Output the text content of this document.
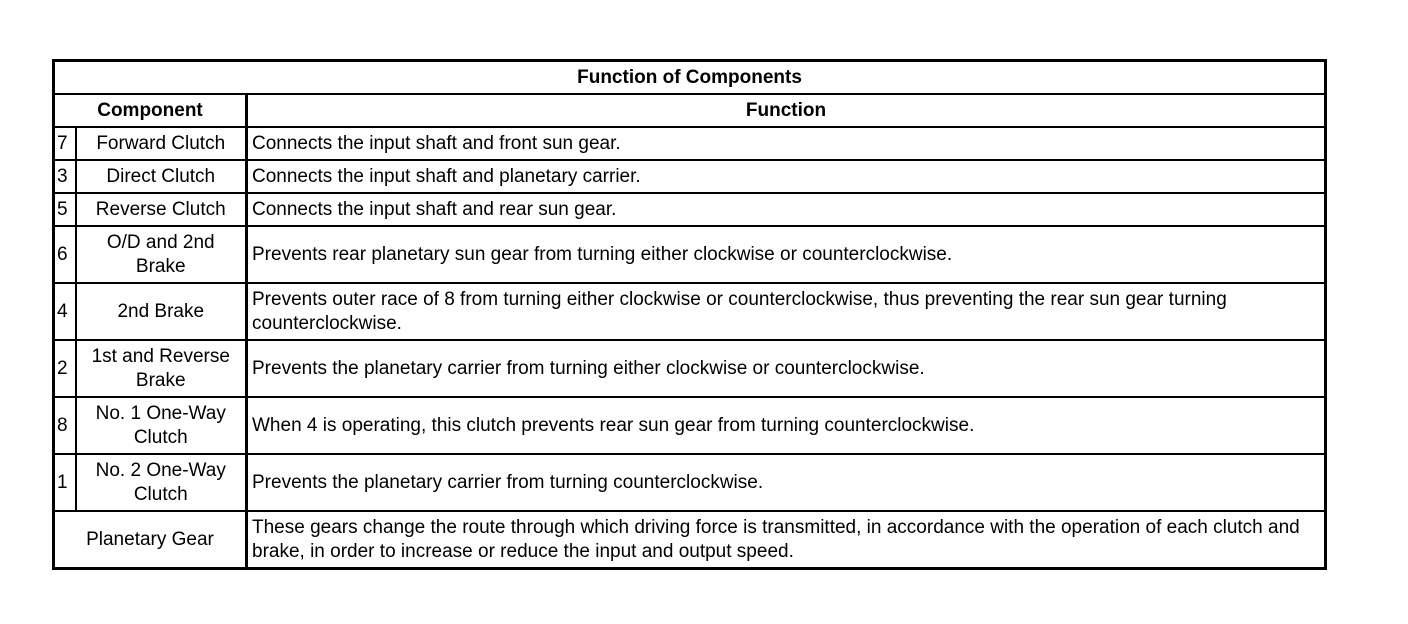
Function of Components		
Component		Function
7	Forward Clutch	Connects the input shaft and front sun gear.
3	Direct Clutch	Connects the input shaft and planetary carrier.
5	Reverse Clutch	Connects the input shaft and rear sun gear.
6	O/D and 2nd Brake	Prevents rear planetary sun gear from turning either clockwise or counterclockwise.
4	2nd Brake	Prevents outer race of 8 from turning either clockwise or counterclockwise, thus preventing the rear sun gear turning counterclockwise.
2	1st and Reverse Brake	Prevents the planetary carrier from turning either clockwise or counterclockwise.
8	No. 1 One-Way Clutch	When 4 is operating, this clutch prevents rear sun gear from turning counterclockwise.
1	No. 2 One-Way Clutch	Prevents the planetary carrier from turning counterclockwise.
Planetary Gear		These gears change the route through which driving force is transmitted, in accordance with the operation of each clutch and brake, in order to increase or reduce the input and output speed.
